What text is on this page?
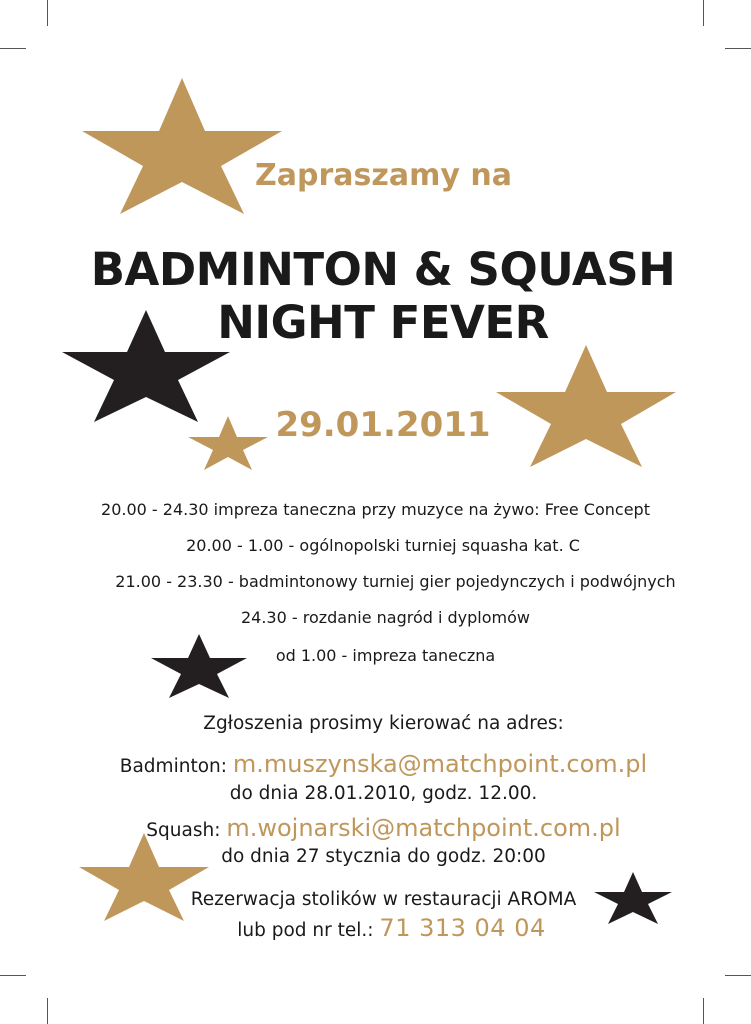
Zapraszamy na
BADMINTON & SQUASH
NIGHT FEVER
29.01.2011
20.00 - 24.30 impreza taneczna przy muzyce na żywo: Free Concept
20.00 - 1.00 - ogólnopolski turniej squasha kat. C
21.00 - 23.30 - badmintonowy turniej gier pojedynczych i podwójnych
24.30 - rozdanie nagród i dyplomów
od 1.00 - impreza taneczna
Zgłoszenia prosimy kierować na adres:
Badminton: m.muszynska@matchpoint.com.pl
do dnia 28.01.2010, godz. 12.00.
Squash: m.wojnarski@matchpoint.com.pl
do dnia 27 stycznia do godz. 20:00
Rezerwacja stolików w restauracji AROMA
lub pod nr tel.: 71 313 04 04
